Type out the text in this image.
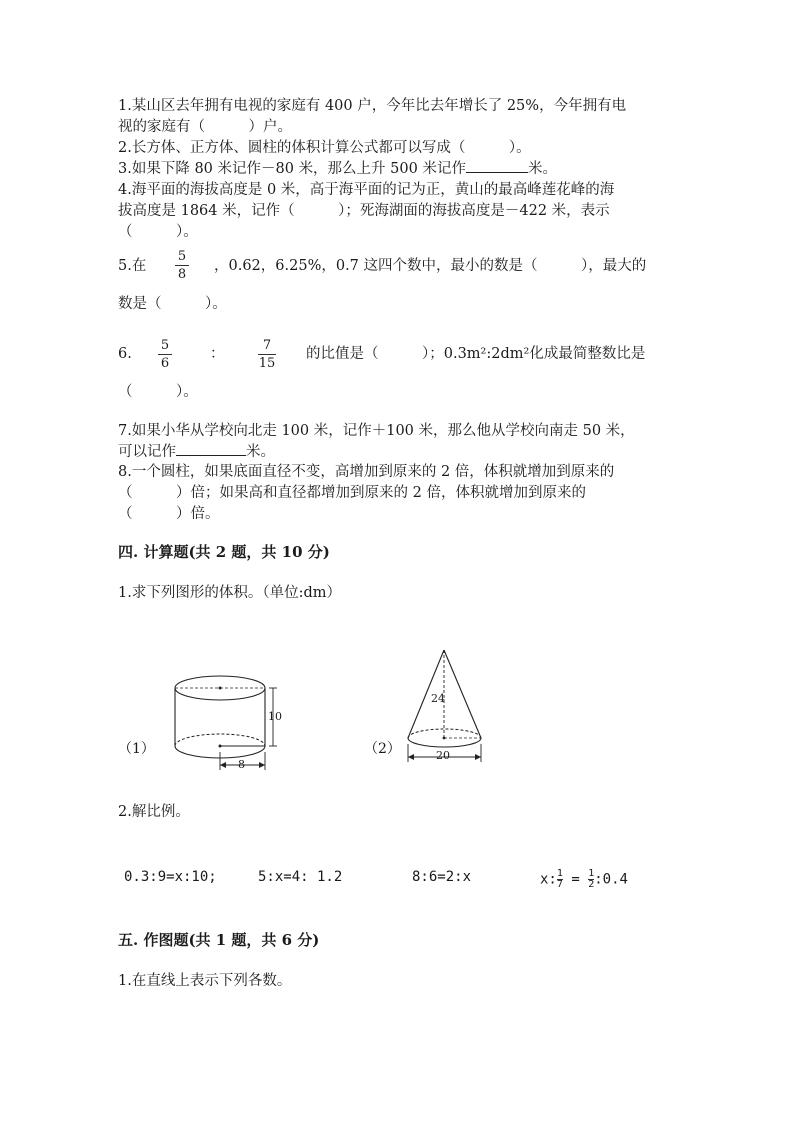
1.某山区去年拥有电视的家庭有 400 户，今年比去年增长了 25%，今年拥有电
视的家庭有（　　　）户。
2.长方体、正方体、圆柱的体积计算公式都可以写成（　　　）。
3.如果下降 80 米记作－80 米，那么上升 500 米记作	米。
4.海平面的海拔高度是 0 米，高于海平面的记为正，黄山的最高峰莲花峰的海
拔高度是 1864 米，记作（　　　）；死海湖面的海拔高度是－422 米，表示
（　　　）。
5.在
5
8
，0.62，6.25%，0.7 这四个数中，最小的数是（　　　），最大的
数是（　　　）。
6.
5
6
：
7
15
的比值是（　　　）；0.3m²:2dm²化成最简整数比是
（　　　）。
7.如果小华从学校向北走 100 米，记作＋100 米，那么他从学校向南走 50 米，
可以记作	米。
8.一个圆柱，如果底面直径不变，高增加到原来的 2 倍，体积就增加到原来的
（　　　）倍；如果高和直径都增加到原来的 2 倍，体积就增加到原来的
（　　　）倍。
四. 计算题(共 2 题，共 10 分)
1.求下列图形的体积。（单位:dm）
（1）
10
8
（2）
24
20
2.解比例。
0.3:9=x:10;	5:x=4: 1.2	8:6=2:x	$x:\frac{1}{7}$ = $\frac{1}{2}:0.4$
五. 作图题(共 1 题，共 6 分)
1.在直线上表示下列各数。
